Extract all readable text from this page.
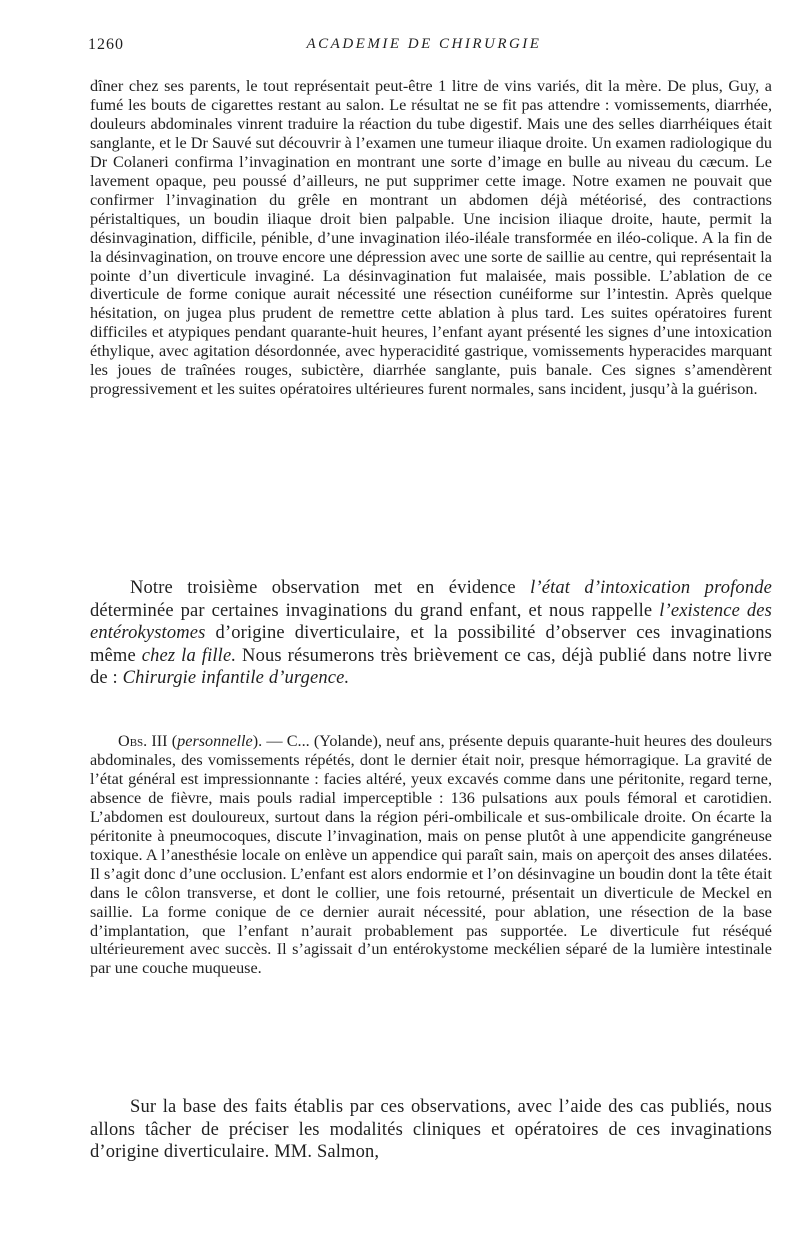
1260	ACADEMIE DE CHIRURGIE

dîner chez ses parents, le tout représentait peut-être 1 litre de vins variés, dit la mère. De plus, Guy, a fumé les bouts de cigarettes restant au salon. Le résultat ne se fit pas attendre : vomissements, diarrhée, douleurs abdominales vinrent traduire la réaction du tube digestif. Mais une des selles diarrhéiques était sanglante, et le Dr Sauvé sut découvrir à l’examen une tumeur iliaque droite. Un examen radiologique du Dr Colaneri confirma l’invagination en montrant une sorte d’image en bulle au niveau du cæcum. Le lavement opaque, peu poussé d’ailleurs, ne put supprimer cette image. Notre examen ne pouvait que confirmer l’invagination du grêle en montrant un abdomen déjà météorisé, des contractions péristaltiques, un boudin iliaque droit bien palpable. Une incision iliaque droite, haute, permit la désinvagination, difficile, pénible, d’une invagination iléo-iléale transformée en iléo-colique. A la fin de la désinvagination, on trouve encore une dépression avec une sorte de saillie au centre, qui représentait la pointe d’un diverticule invaginé. La désinvagination fut malaisée, mais possible. L’ablation de ce diverticule de forme conique aurait nécessité une résection cunéiforme sur l’intestin. Après quelque hésitation, on jugea plus prudent de remettre cette ablation à plus tard. Les suites opératoires furent difficiles et atypiques pendant quarante-huit heures, l’enfant ayant présenté les signes d’une intoxication éthylique, avec agitation désordonnée, avec hyperacidité gastrique, vomissements hyperacides marquant les joues de traînées rouges, subictère, diarrhée sanglante, puis banale. Ces signes s’amendèrent progressivement et les suites opératoires ultérieures furent normales, sans incident, jusqu’à la guérison.

Notre troisième observation met en évidence l’état d’intoxication profonde déterminée par certaines invaginations du grand enfant, et nous rappelle l’existence des entérokystomes d’origine diverticulaire, et la possibilité d’observer ces invaginations même chez la fille. Nous résumerons très brièvement ce cas, déjà publié dans notre livre de : Chirurgie infantile d’urgence.

Obs. III (personnelle). — C... (Yolande), neuf ans, présente depuis quarante-huit heures des douleurs abdominales, des vomissements répétés, dont le dernier était noir, presque hémorragique. La gravité de l’état général est impressionnante : facies altéré, yeux excavés comme dans une péritonite, regard terne, absence de fièvre, mais pouls radial imperceptible : 136 pulsations aux pouls fémoral et carotidien. L’abdomen est douloureux, surtout dans la région péri-ombilicale et sus-ombilicale droite. On écarte la péritonite à pneumocoques, discute l’invagination, mais on pense plutôt à une appendicite gangréneuse toxique. A l’anesthésie locale on enlève un appendice qui paraît sain, mais on aperçoit des anses dilatées. Il s’agit donc d’une occlusion. L’enfant est alors endormie et l’on désinvagine un boudin dont la tête était dans le côlon transverse, et dont le collier, une fois retourné, présentait un diverticule de Meckel en saillie. La forme conique de ce dernier aurait nécessité, pour ablation, une résection de la base d’implantation, que l’enfant n’aurait probablement pas supportée. Le diverticule fut réséqué ultérieurement avec succès. Il s’agissait d’un entérokystome meckélien séparé de la lumière intestinale par une couche muqueuse.

Sur la base des faits établis par ces observations, avec l’aide des cas publiés, nous allons tâcher de préciser les modalités cliniques et opératoires de ces invaginations d’origine diverticulaire. MM. Salmon,
